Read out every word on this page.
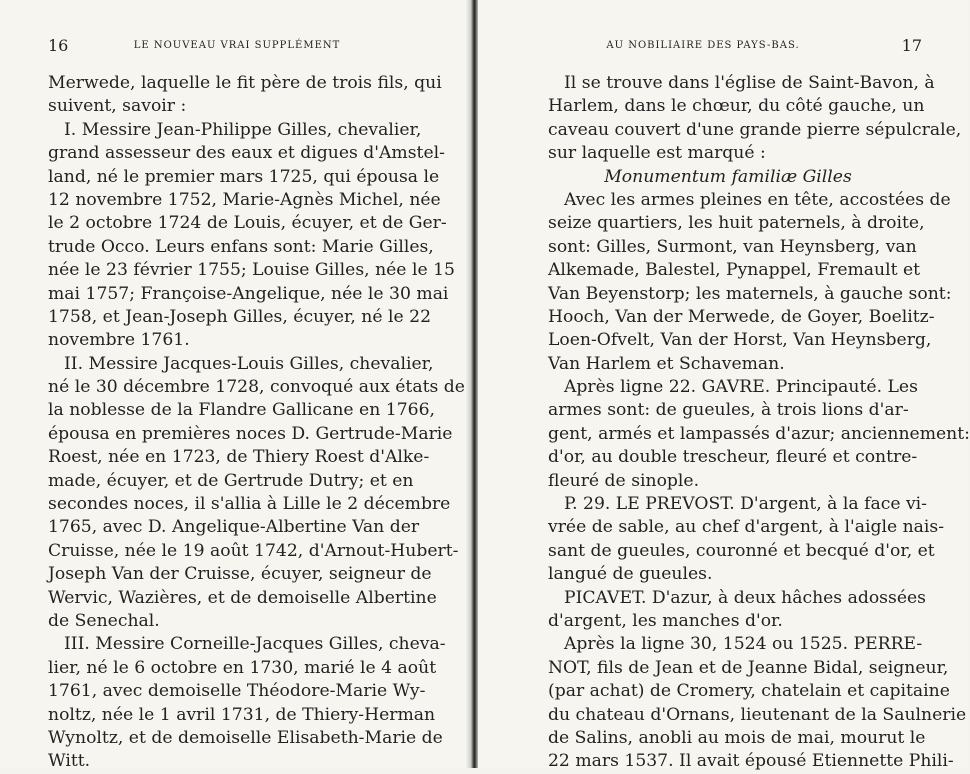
16	LE NOUVEAU VRAI SUPPLÉMENT
Merwede, laquelle le fit père de trois fils, qui
suivent, savoir :
I. Messire Jean-Philippe Gilles, chevalier,
grand assesseur des eaux et digues d'Amstel-
land, né le premier mars 1725, qui épousa le
12 novembre 1752, Marie-Agnès Michel, née
le 2 octobre 1724 de Louis, écuyer, et de Ger-
trude Occo. Leurs enfans sont: Marie Gilles,
née le 23 février 1755; Louise Gilles, née le 15
mai 1757; Françoise-Angelique, née le 30 mai
1758, et Jean-Joseph Gilles, écuyer, né le 22
novembre 1761.
II. Messire Jacques-Louis Gilles, chevalier,
né le 30 décembre 1728, convoqué aux états de
la noblesse de la Flandre Gallicane en 1766,
épousa en premières noces D. Gertrude-Marie
Roest, née en 1723, de Thiery Roest d'Alke-
made, écuyer, et de Gertrude Dutry; et en
secondes noces, il s'allia à Lille le 2 décembre
1765, avec D. Angelique-Albertine Van der
Cruisse, née le 19 août 1742, d'Arnout-Hubert-
Joseph Van der Cruisse, écuyer, seigneur de
Wervic, Wazières, et de demoiselle Albertine
de Senechal.
III. Messire Corneille-Jacques Gilles, cheva-
lier, né le 6 octobre en 1730, marié le 4 août
1761, avec demoiselle Théodore-Marie Wy-
noltz, née le 1 avril 1731, de Thiery-Herman
Wynoltz, et de demoiselle Elisabeth-Marie de
Witt.
AU NOBILIAIRE DES PAYS-BAS.	17
Il se trouve dans l'église de Saint-Bavon, à
Harlem, dans le chœur, du côté gauche, un
caveau couvert d'une grande pierre sépulcrale,
sur laquelle est marqué :
Monumentum familiæ Gilles
Avec les armes pleines en tête, accostées de
seize quartiers, les huit paternels, à droite,
sont: Gilles, Surmont, van Heynsberg, van
Alkemade, Balestel, Pynappel, Fremault et
Van Beyenstorp; les maternels, à gauche sont:
Hooch, Van der Merwede, de Goyer, Boelitz-
Loen-Ofvelt, Van der Horst, Van Heynsberg,
Van Harlem et Schaveman.
Après ligne 22. GAVRE. Principauté. Les
armes sont: de gueules, à trois lions d'ar-
gent, armés et lampassés d'azur; anciennement:
d'or, au double trescheur, fleuré et contre-
fleuré de sinople.
P. 29. LE PREVOST. D'argent, à la face vi-
vrée de sable, au chef d'argent, à l'aigle nais-
sant de gueules, couronné et becqué d'or, et
langué de gueules.
PICAVET. D'azur, à deux hâches adossées
d'argent, les manches d'or.
Après la ligne 30, 1524 ou 1525. PERRE-
NOT, fils de Jean et de Jeanne Bidal, seigneur,
(par achat) de Cromery, chatelain et capitaine
du chateau d'Ornans, lieutenant de la Saulnerie
de Salins, anobli au mois de mai, mourut le
22 mars 1537. Il avait épousé Etiennette Phili-
